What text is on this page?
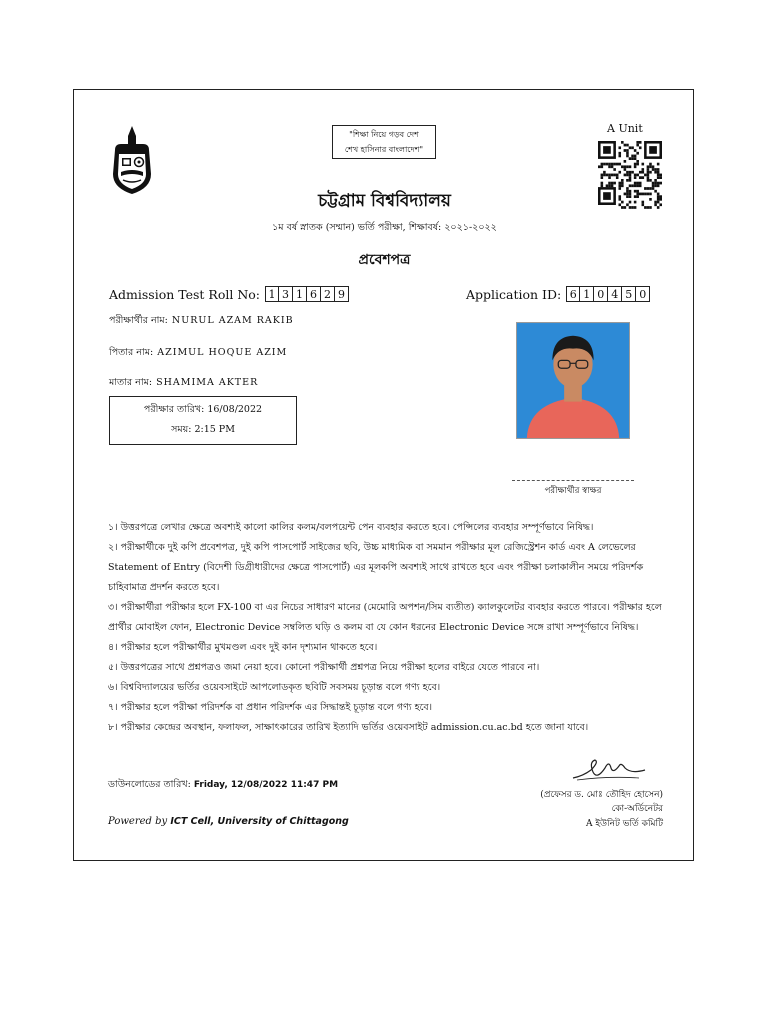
"শিক্ষা নিয়ে গড়ব দেশ
শেখ হাসিনার বাংলাদেশ"
A Unit
চট্টগ্রাম বিশ্ববিদ্যালয়
১ম বর্ষ স্নাতক (সম্মান) ভর্তি পরীক্ষা, শিক্ষাবর্ষ: ২০২১-২০২২
প্রবেশপত্র
Admission Test Roll No: 1 3 1 6 2 9	Application ID: 6 1 0 4 5 0
পরীক্ষার্থীর নাম: NURUL AZAM RAKIB
পিতার নাম: AZIMUL HOQUE AZIM
মাতার নাম: SHAMIMA AKTER
পরীক্ষার তারিখ: 16/08/2022
সময়: 2:15 PM
পরীক্ষার্থীর স্বাক্ষর

১। উত্তরপত্রে লেখার ক্ষেত্রে অবশ্যই কালো কালির কলম/বলপয়েন্ট পেন ব্যবহার করতে হবে। পেন্সিলের ব্যবহার সম্পূর্ণভাবে নিষিদ্ধ।

২। পরীক্ষার্থীকে দুই কপি প্রবেশপত্র, দুই কপি পাসপোর্ট সাইজের ছবি, উচ্চ মাধ্যমিক বা সমমান পরীক্ষার মূল রেজিস্ট্রেশন কার্ড এবং A লেভেলের Statement of Entry (বিদেশী ডিগ্রীধারীদের ক্ষেত্রে পাসপোর্ট) এর মূলকপি অবশ্যই সাথে রাখতে হবে এবং পরীক্ষা চলাকালীন সময়ে পরিদর্শক চাহিবামাত্র প্রদর্শন করতে হবে।

৩। পরীক্ষার্থীরা পরীক্ষার হলে FX-100 বা এর নিচের সাধারণ মানের (মেমোরি অপশন/সিম ব্যতীত) ক্যালকুলেটর ব্যবহার করতে পারবে। পরীক্ষার হলে প্রার্থীর মোবাইল ফোন, Electronic Device সম্বলিত ঘড়ি ও কলম বা যে কোন ধরনের Electronic Device সঙ্গে রাখা সম্পূর্ণভাবে নিষিদ্ধ।

৪। পরীক্ষার হলে পরীক্ষার্থীর মুখমণ্ডল এবং দুই কান দৃশ্যমান থাকতে হবে।

৫। উত্তরপত্রের সাথে প্রশ্নপত্রও জমা নেয়া হবে। কোনো পরীক্ষার্থী প্রশ্নপত্র নিয়ে পরীক্ষা হলের বাইরে যেতে পারবে না।

৬। বিশ্ববিদ্যালয়ের ভর্তির ওয়েবসাইটে আপলোডকৃত ছবিটি সবসময় চূড়ান্ত বলে গণ্য হবে।

৭। পরীক্ষার হলে পরীক্ষা পরিদর্শক বা প্রধান পরিদর্শক এর সিদ্ধান্তই চূড়ান্ত বলে গণ্য হবে।

৮। পরীক্ষার কেন্দ্রের অবস্থান, ফলাফল, সাক্ষাৎকারের তারিখ ইত্যাদি ভর্তির ওয়েবসাইট admission.cu.ac.bd হতে জানা যাবে।

ডাউনলোডের তারিখ: Friday, 12/08/2022 11:47 PM
Powered by ICT Cell, University of Chittagong
(প্রফেসর ড. মোঃ তৌহিদ হোসেন)
কো-অর্ডিনেটর
A ইউনিট ভর্তি কমিটি
